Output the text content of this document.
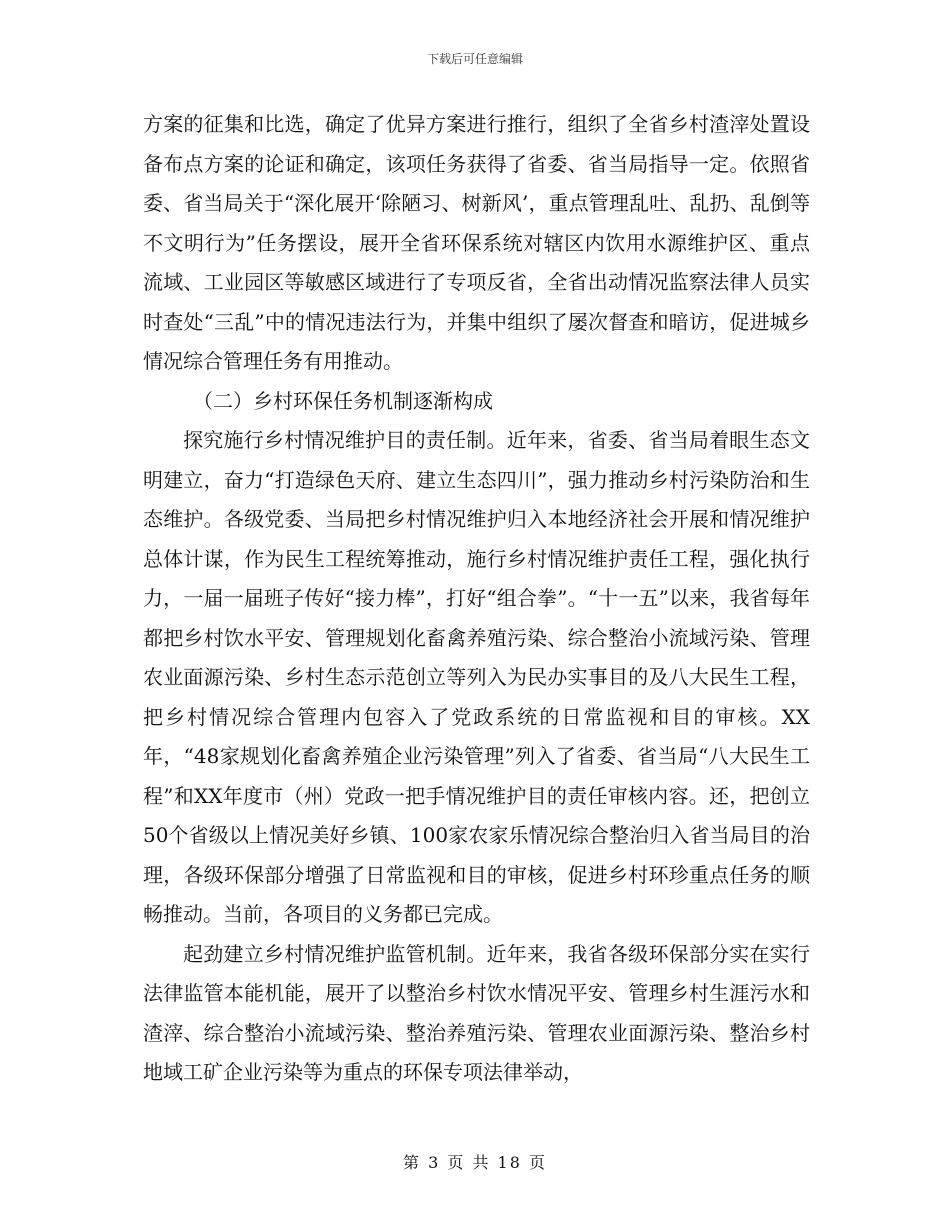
下载后可任意编辑

方案的征集和比选，确定了优异方案进行推行，组织了全省乡村渣滓处置设备布点方案的论证和确定，该项任务获得了省委、省当局指导一定。依照省委、省当局关于“深化展开‘除陋习、树新风’，重点管理乱吐、乱扔、乱倒等不文明行为”任务摆设，展开全省环保系统对辖区内饮用水源维护区、重点流域、工业园区等敏感区域进行了专项反省，全省出动情况监察法律人员实时查处“三乱”中的情况违法行为，并集中组织了屡次督查和暗访，促进城乡情况综合管理任务有用推动。

（二）乡村环保任务机制逐渐构成

探究施行乡村情况维护目的责任制。近年来，省委、省当局着眼生态文明建立，奋力“打造绿色天府、建立生态四川”，强力推动乡村污染防治和生态维护。各级党委、当局把乡村情况维护归入本地经济社会开展和情况维护总体计谋，作为民生工程统筹推动，施行乡村情况维护责任工程，强化执行力，一届一届班子传好“接力棒”，打好“组合拳”。“十一五”以来，我省每年都把乡村饮水平安、管理规划化畜禽养殖污染、综合整治小流域污染、管理农业面源污染、乡村生态示范创立等列入为民办实事目的及八大民生工程，把乡村情况综合管理内包容入了党政系统的日常监视和目的审核。XX年，“48家规划化畜禽养殖企业污染管理”列入了省委、省当局“八大民生工程”和XX年度市（州）党政一把手情况维护目的责任审核内容。还，把创立50个省级以上情况美好乡镇、100家农家乐情况综合整治归入省当局目的治理，各级环保部分增强了日常监视和目的审核，促进乡村环珍重点任务的顺畅推动。当前，各项目的义务都已完成。

起劲建立乡村情况维护监管机制。近年来，我省各级环保部分实在实行法律监管本能机能，展开了以整治乡村饮水情况平安、管理乡村生涯污水和渣滓、综合整治小流域污染、整治养殖污染、管理农业面源污染、整治乡村地域工矿企业污染等为重点的环保专项法律举动，

第 3 页 共 18 页
